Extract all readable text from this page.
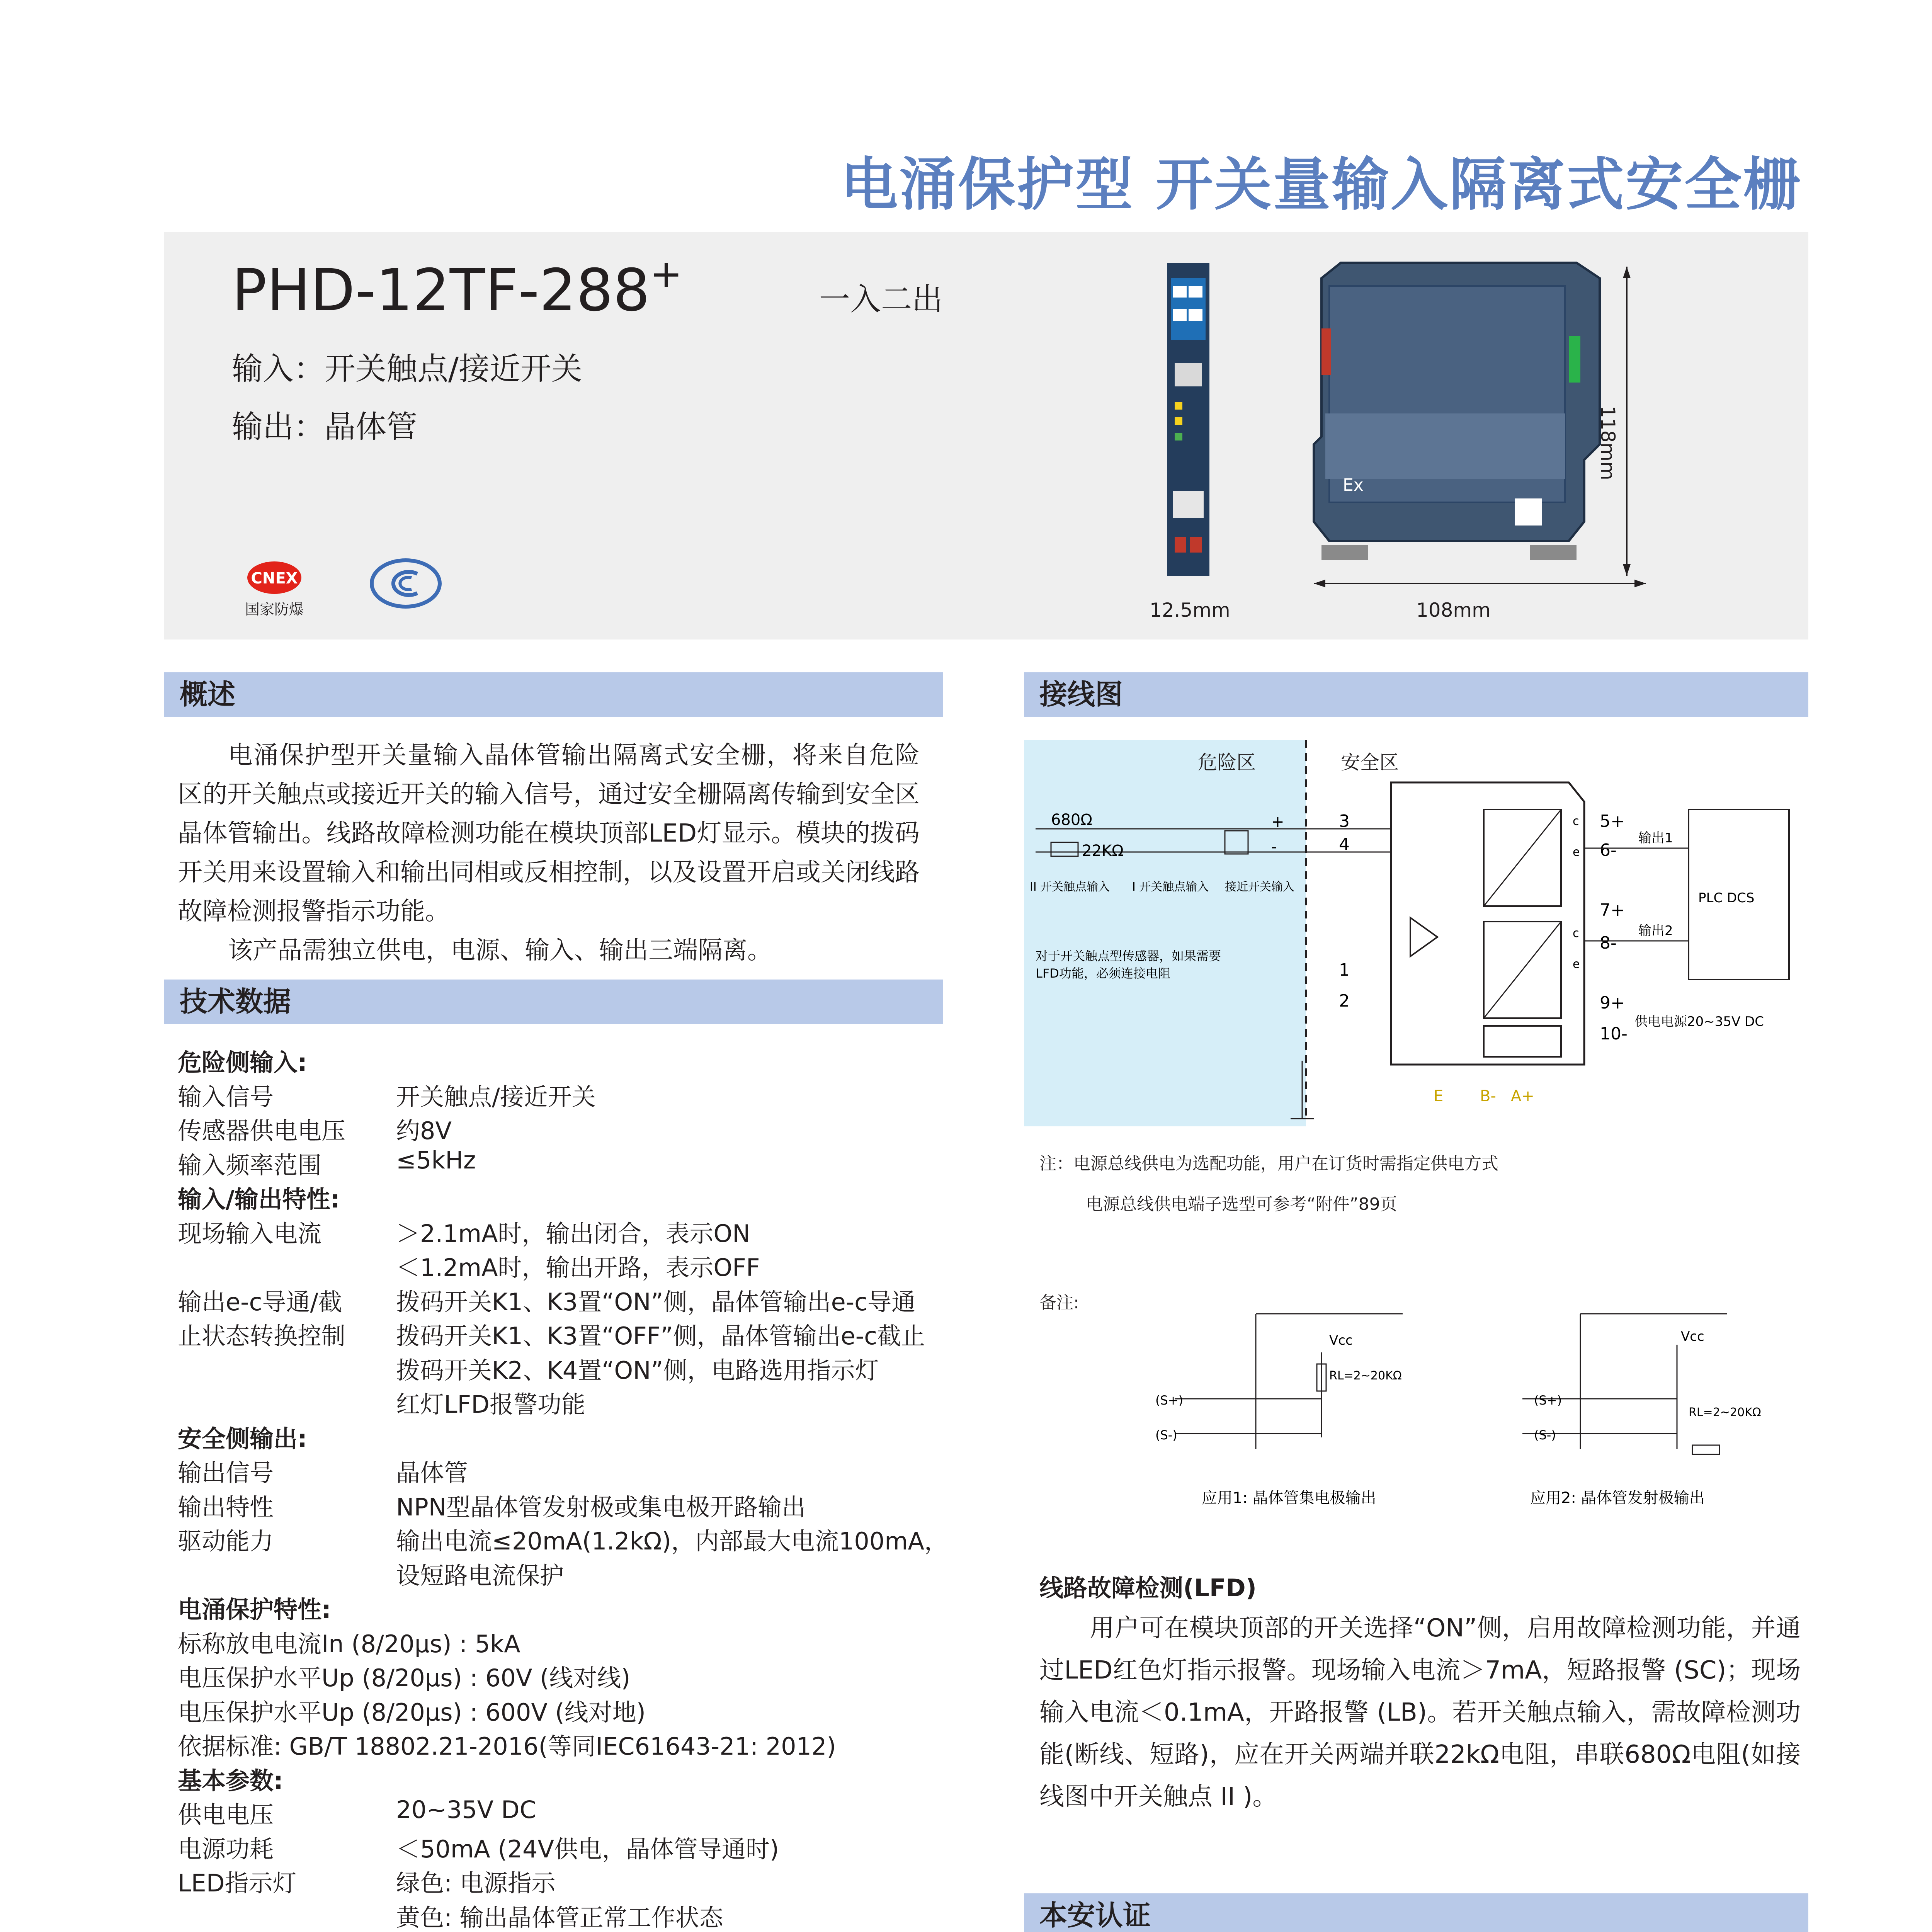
电涌保护型 开关量输入隔离式安全栅
PHD-12TF-288+
一入二出
输入：开关触点/接近开关
输出：晶体管
CNEX
国家防爆	12.5mm
Ex
108mm
118mm
概述

电涌保护型开关量输入晶体管输出隔离式安全栅，将来自危险区的开关触点或接近开关的输入信号，通过安全栅隔离传输到安全区晶体管输出。线路故障检测功能在模块顶部LED灯显示。模块的拨码开关用来设置输入和输出同相或反相控制，以及设置开启或关闭线路故障检测报警指示功能。

该产品需独立供电，电源、输入、输出三端隔离。

技术数据
危险侧输入:
输入信号	开关触点/接近开关
传感器供电电压 约8V
输入频率范围	≤5kHz
输入/输出特性:
现场输入电流	＞2.1mA时，输出闭合，表示ON
＜1.2mA时，输出开路，表示OFF
输出e-c导通/截 拨码开关K1、K3置“ON”侧，晶体管输出e-c导通
止状态转换控制 拨码开关K1、K3置“OFF”侧，晶体管输出e-c截止
拨码开关K2、K4置“ON”侧，电路选用指示灯
红灯LFD报警功能
安全侧输出:
输出信号	晶体管
输出特性	NPN型晶体管发射极或集电极开路输出
驱动能力	输出电流≤20mA(1.2kΩ)，内部最大电流100mA，
设短路电流保护
电涌保护特性:
标称放电电流In (8/20μs) : 5kA
电压保护水平Up (8/20μs) : 60V (线对线)
电压保护水平Up (8/20μs) : 600V (线对地)
依据标准: GB/T 18802.21-2016(等同IEC61643-21: 2012)
基本参数:
供电电压	20~35V DC
电源功耗	＜50mA (24V供电，晶体管导通时)
LED指示灯	绿色: 电源指示
黄色: 输出晶体管正常工作状态
接线图
危险区	安全区
680Ω
22KΩ
II 开关触点输入 I 开关触点输入 接近开关输入
+
-
3
4
1
2
对于开关触点型传感器，如果需要
LFD功能，必须连接电阻
c
e
c
e
5+
6-
7+
8-
9+
10-
输出1
输出2
PLC DCS
供电电源20~35V DC
E B- A+
注：电源总线供电为选配功能，用户在订货时需指定供电方式
电源总线供电端子选型可参考“附件”89页
备注:
(S+)
(S-)
Vcc
RL=2~20KΩ
应用1: 晶体管集电极输出
(S+)
(S-)
Vcc
RL=2~20KΩ
应用2: 晶体管发射极输出
线路故障检测(LFD)
用户可在模块顶部的开关选择“ON”侧，启用故障检测功能，并通过LED红色灯指示报警。现场输入电流＞7mA，短路报警 (SC)；现场输入电流＜0.1mA，开路报警 (LB)。若开关触点输入，需故障检测功能(断线、短路)，应在开关两端并联22kΩ电阻，串联680Ω电阻(如接线图中开关触点 II )。
本安认证
